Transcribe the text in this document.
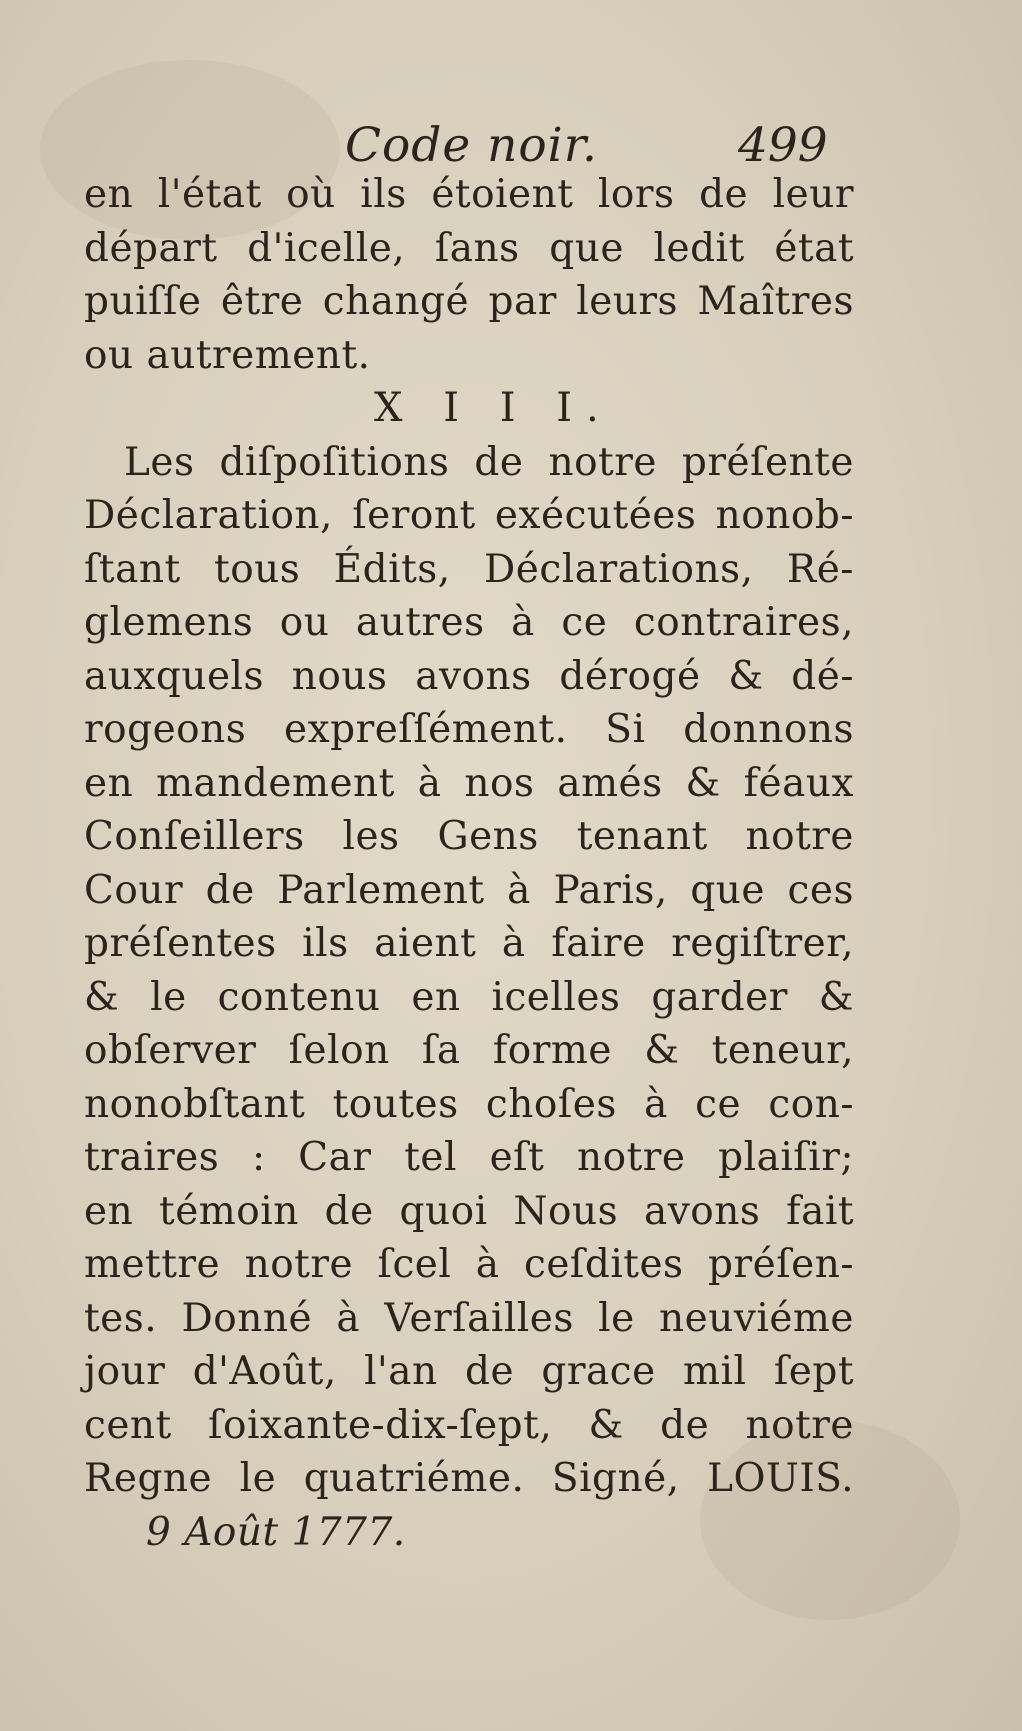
Code noir.	499
en l'état où ils étoient lors de leur
départ d'icelle, ſans que ledit état
puiſſe être changé par leurs Maîtres
ou autrement.
X I I I.
Les diſpoſitions de notre préſente
Déclaration, ſeront exécutées nonob-
ſtant tous Édits, Déclarations, Ré-
glemens ou autres à ce contraires,
auxquels nous avons dérogé & dé-
rogeons expreſſément. Si donnons
en mandement à nos amés & féaux
Conſeillers les Gens tenant notre
Cour de Parlement à Paris, que ces
préſentes ils aient à faire regiſtrer,
& le contenu en icelles garder &
obſerver ſelon ſa forme & teneur,
nonobſtant toutes choſes à ce con-
traires : Car tel eſt notre plaiſir;
en témoin de quoi Nous avons fait
mettre notre ſcel à ceſdites préſen-
tes. Donné à Verſailles le neuviéme
jour d'Août, l'an de grace mil ſept
cent ſoixante-dix-ſept, & de notre
Regne le quatriéme. Signé, LOUIS.
9 Août 1777.
